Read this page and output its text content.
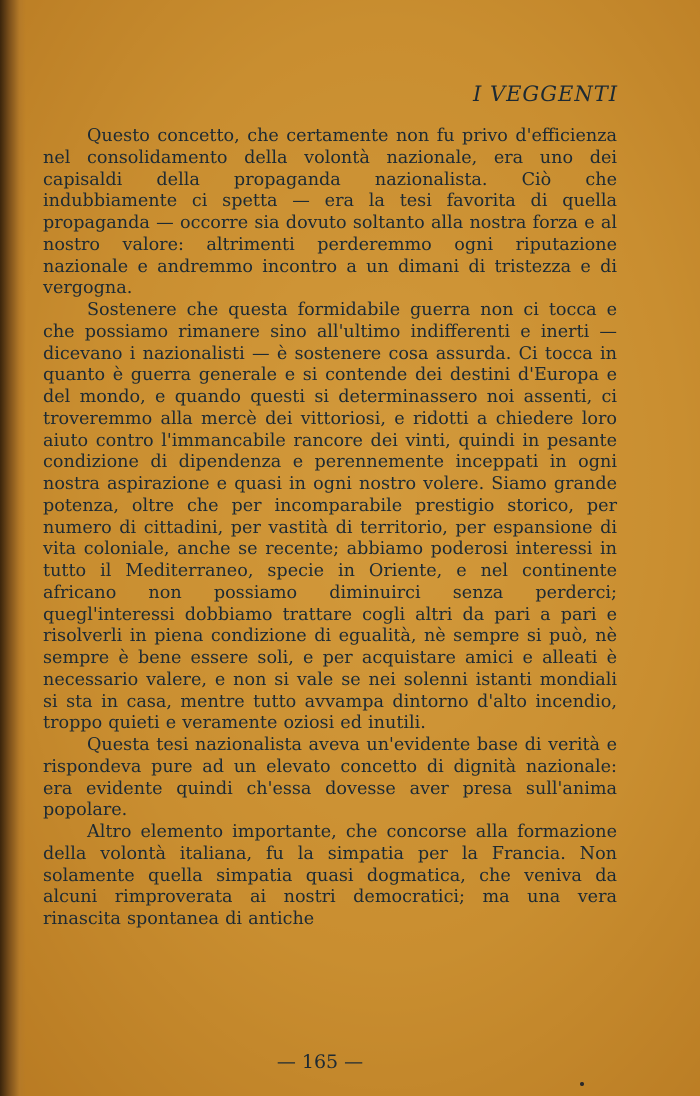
I VEGGENTI

Questo concetto, che certamente non fu privo d'efficienza nel consolidamento della volontà nazionale, era uno dei capisaldi della propaganda nazionalista. Ciò che indubbiamente ci spetta — era la tesi favorita di quella propaganda — occorre sia dovuto soltanto alla nostra forza e al nostro valore: altrimenti perderemmo ogni riputazione nazionale e andremmo incontro a un dimani di tristezza e di vergogna.

Sostenere che questa formidabile guerra non ci tocca e che possiamo rimanere sino all'ultimo indifferenti e inerti — dicevano i nazionalisti — è sostenere cosa assurda. Ci tocca in quanto è guerra generale e si contende dei destini d'Europa e del mondo, e quando questi si determinassero noi assenti, ci troveremmo alla mercè dei vittoriosi, e ridotti a chiedere loro aiuto contro l'immancabile rancore dei vinti, quindi in pesante condizione di dipendenza e perennemente inceppati in ogni nostra aspirazione e quasi in ogni nostro volere. Siamo grande potenza, oltre che per incomparabile prestigio storico, per numero di cittadini, per vastità di territorio, per espansione di vita coloniale, anche se recente; abbiamo poderosi interessi in tutto il Mediterraneo, specie in Oriente, e nel continente africano non possiamo diminuirci senza perderci; quegl'interessi dobbiamo trattare cogli altri da pari a pari e risolverli in piena condizione di egualità, nè sempre si può, nè sempre è bene essere soli, e per acquistare amici e alleati è necessario valere, e non si vale se nei solenni istanti mondiali si sta in casa, mentre tutto avvampa dintorno d'alto incendio, troppo quieti e veramente oziosi ed inutili.

Questa tesi nazionalista aveva un'evidente base di verità e rispondeva pure ad un elevato concetto di dignità nazionale: era evidente quindi ch'essa dovesse aver presa sull'anima popolare.

Altro elemento importante, che concorse alla formazione della volontà italiana, fu la simpatia per la Francia. Non solamente quella simpatia quasi dogmatica, che veniva da alcuni rimproverata ai nostri democratici; ma una vera rinascita spontanea di antiche

— 165 —
